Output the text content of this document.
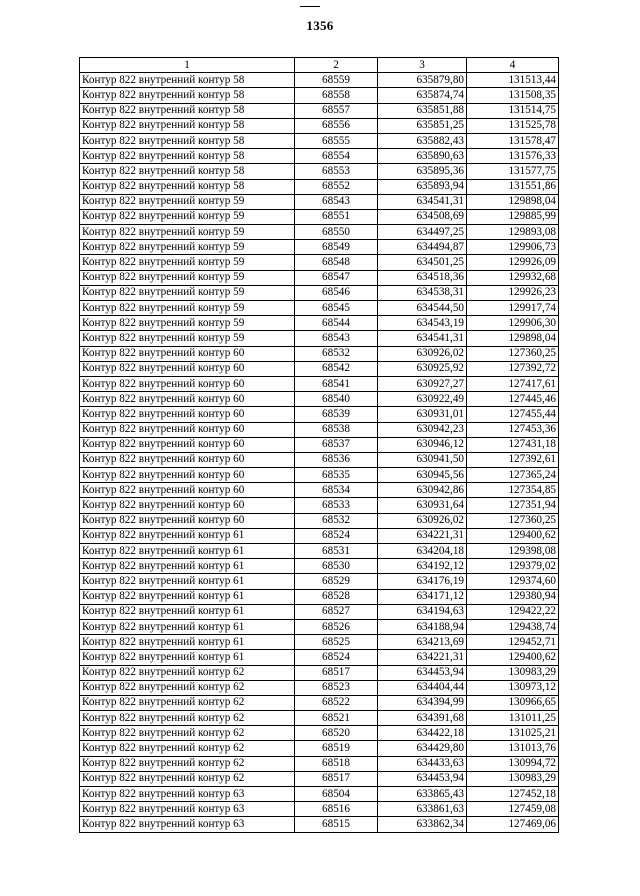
1356
1	2	3	4
Контур 822 внутренний контур 58	68559	635879,80	131513,44
Контур 822 внутренний контур 58	68558	635874,74	131508,35
Контур 822 внутренний контур 58	68557	635851,88	131514,75
Контур 822 внутренний контур 58	68556	635851,25	131525,78
Контур 822 внутренний контур 58	68555	635882,43	131578,47
Контур 822 внутренний контур 58	68554	635890,63	131576,33
Контур 822 внутренний контур 58	68553	635895,36	131577,75
Контур 822 внутренний контур 58	68552	635893,94	131551,86
Контур 822 внутренний контур 59	68543	634541,31	129898,04
Контур 822 внутренний контур 59	68551	634508,69	129885,99
Контур 822 внутренний контур 59	68550	634497,25	129893,08
Контур 822 внутренний контур 59	68549	634494,87	129906,73
Контур 822 внутренний контур 59	68548	634501,25	129926,09
Контур 822 внутренний контур 59	68547	634518,36	129932,68
Контур 822 внутренний контур 59	68546	634538,31	129926,23
Контур 822 внутренний контур 59	68545	634544,50	129917,74
Контур 822 внутренний контур 59	68544	634543,19	129906,30
Контур 822 внутренний контур 59	68543	634541,31	129898,04
Контур 822 внутренний контур 60	68532	630926,02	127360,25
Контур 822 внутренний контур 60	68542	630925,92	127392,72
Контур 822 внутренний контур 60	68541	630927,27	127417,61
Контур 822 внутренний контур 60	68540	630922,49	127445,46
Контур 822 внутренний контур 60	68539	630931,01	127455,44
Контур 822 внутренний контур 60	68538	630942,23	127453,36
Контур 822 внутренний контур 60	68537	630946,12	127431,18
Контур 822 внутренний контур 60	68536	630941,50	127392,61
Контур 822 внутренний контур 60	68535	630945,56	127365,24
Контур 822 внутренний контур 60	68534	630942,86	127354,85
Контур 822 внутренний контур 60	68533	630931,64	127351,94
Контур 822 внутренний контур 60	68532	630926,02	127360,25
Контур 822 внутренний контур 61	68524	634221,31	129400,62
Контур 822 внутренний контур 61	68531	634204,18	129398,08
Контур 822 внутренний контур 61	68530	634192,12	129379,02
Контур 822 внутренний контур 61	68529	634176,19	129374,60
Контур 822 внутренний контур 61	68528	634171,12	129380,94
Контур 822 внутренний контур 61	68527	634194,63	129422,22
Контур 822 внутренний контур 61	68526	634188,94	129438,74
Контур 822 внутренний контур 61	68525	634213,69	129452,71
Контур 822 внутренний контур 61	68524	634221,31	129400,62
Контур 822 внутренний контур 62	68517	634453,94	130983,29
Контур 822 внутренний контур 62	68523	634404,44	130973,12
Контур 822 внутренний контур 62	68522	634394,99	130966,65
Контур 822 внутренний контур 62	68521	634391,68	131011,25
Контур 822 внутренний контур 62	68520	634422,18	131025,21
Контур 822 внутренний контур 62	68519	634429,80	131013,76
Контур 822 внутренний контур 62	68518	634433,63	130994,72
Контур 822 внутренний контур 62	68517	634453,94	130983,29
Контур 822 внутренний контур 63	68504	633865,43	127452,18
Контур 822 внутренний контур 63	68516	633861,63	127459,08
Контур 822 внутренний контур 63	68515	633862,34	127469,06
